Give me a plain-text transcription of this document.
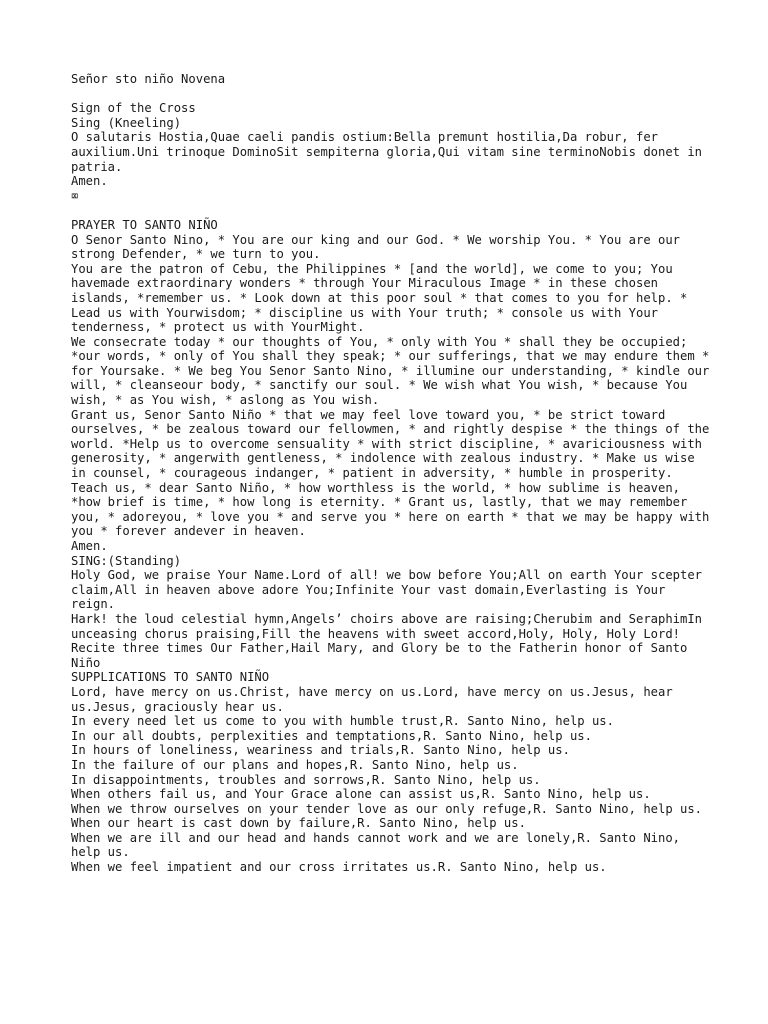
Señor sto niño Novena
Sign of the Cross
Sing (Kneeling)
O salutaris Hostia,Quae caeli pandis ostium:Bella premunt hostilia,Da robur, fer auxilium.Uni trinoque DominoSit sempiterna gloria,Qui vitam sine terminoNobis donet in patria.
Amen.
⌧
PRAYER TO SANTO NIÑO
O Senor Santo Nino, * You are our king and our God. * We worship You. * You are our strong Defender, * we turn to you.
You are the patron of Cebu, the Philippines * [and the world], we come to you; You havemade extraordinary wonders * through Your Miraculous Image * in these chosen islands, *remember us. * Look down at this poor soul * that comes to you for help. * Lead us with Yourwisdom; * discipline us with Your truth; * console us with Your tenderness, * protect us with YourMight.
We consecrate today * our thoughts of You, * only with You * shall they be occupied; *our words, * only of You shall they speak; * our sufferings, that we may endure them * for Yoursake. * We beg You Senor Santo Nino, * illumine our understanding, * kindle our will, * cleanseour body, * sanctify our soul. * We wish what You wish, * because You wish, * as You wish, * aslong as You wish.
Grant us, Senor Santo Niño * that we may feel love toward you, * be strict toward ourselves, * be zealous toward our fellowmen, * and rightly despise * the things of the world. *Help us to overcome sensuality * with strict discipline, * avariciousness with generosity, * angerwith gentleness, * indolence with zealous industry. * Make us wise in counsel, * courageous indanger, * patient in adversity, * humble in prosperity.
Teach us, * dear Santo Niño, * how worthless is the world, * how sublime is heaven, *how brief is time, * how long is eternity. * Grant us, lastly, that we may remember you, * adoreyou, * love you * and serve you * here on earth * that we may be happy with you * forever andever in heaven.
Amen.
SING:(Standing)
Holy God, we praise Your Name.Lord of all! we bow before You;All on earth Your scepter claim,All in heaven above adore You;Infinite Your vast domain,Everlasting is Your reign.
Hark! the loud celestial hymn,Angels’ choirs above are raising;Cherubim and SeraphimIn unceasing chorus praising,Fill the heavens with sweet accord,Holy, Holy, Holy Lord!
Recite three times Our Father,Hail Mary, and Glory be to the Fatherin honor of Santo Niño
SUPPLICATIONS TO SANTO NIÑO
Lord, have mercy on us.Christ, have mercy on us.Lord, have mercy on us.Jesus, hear us.Jesus, graciously hear us.
In every need let us come to you with humble trust,R. Santo Nino, help us.
In our all doubts, perplexities and temptations,R. Santo Nino, help us.
In hours of loneliness, weariness and trials,R. Santo Nino, help us.
In the failure of our plans and hopes,R. Santo Nino, help us.
In disappointments, troubles and sorrows,R. Santo Nino, help us.
When others fail us, and Your Grace alone can assist us,R. Santo Nino, help us.
When we throw ourselves on your tender love as our only refuge,R. Santo Nino, help us.
When our heart is cast down by failure,R. Santo Nino, help us.
When we are ill and our head and hands cannot work and we are lonely,R. Santo Nino, help us.
When we feel impatient and our cross irritates us.R. Santo Nino, help us.
